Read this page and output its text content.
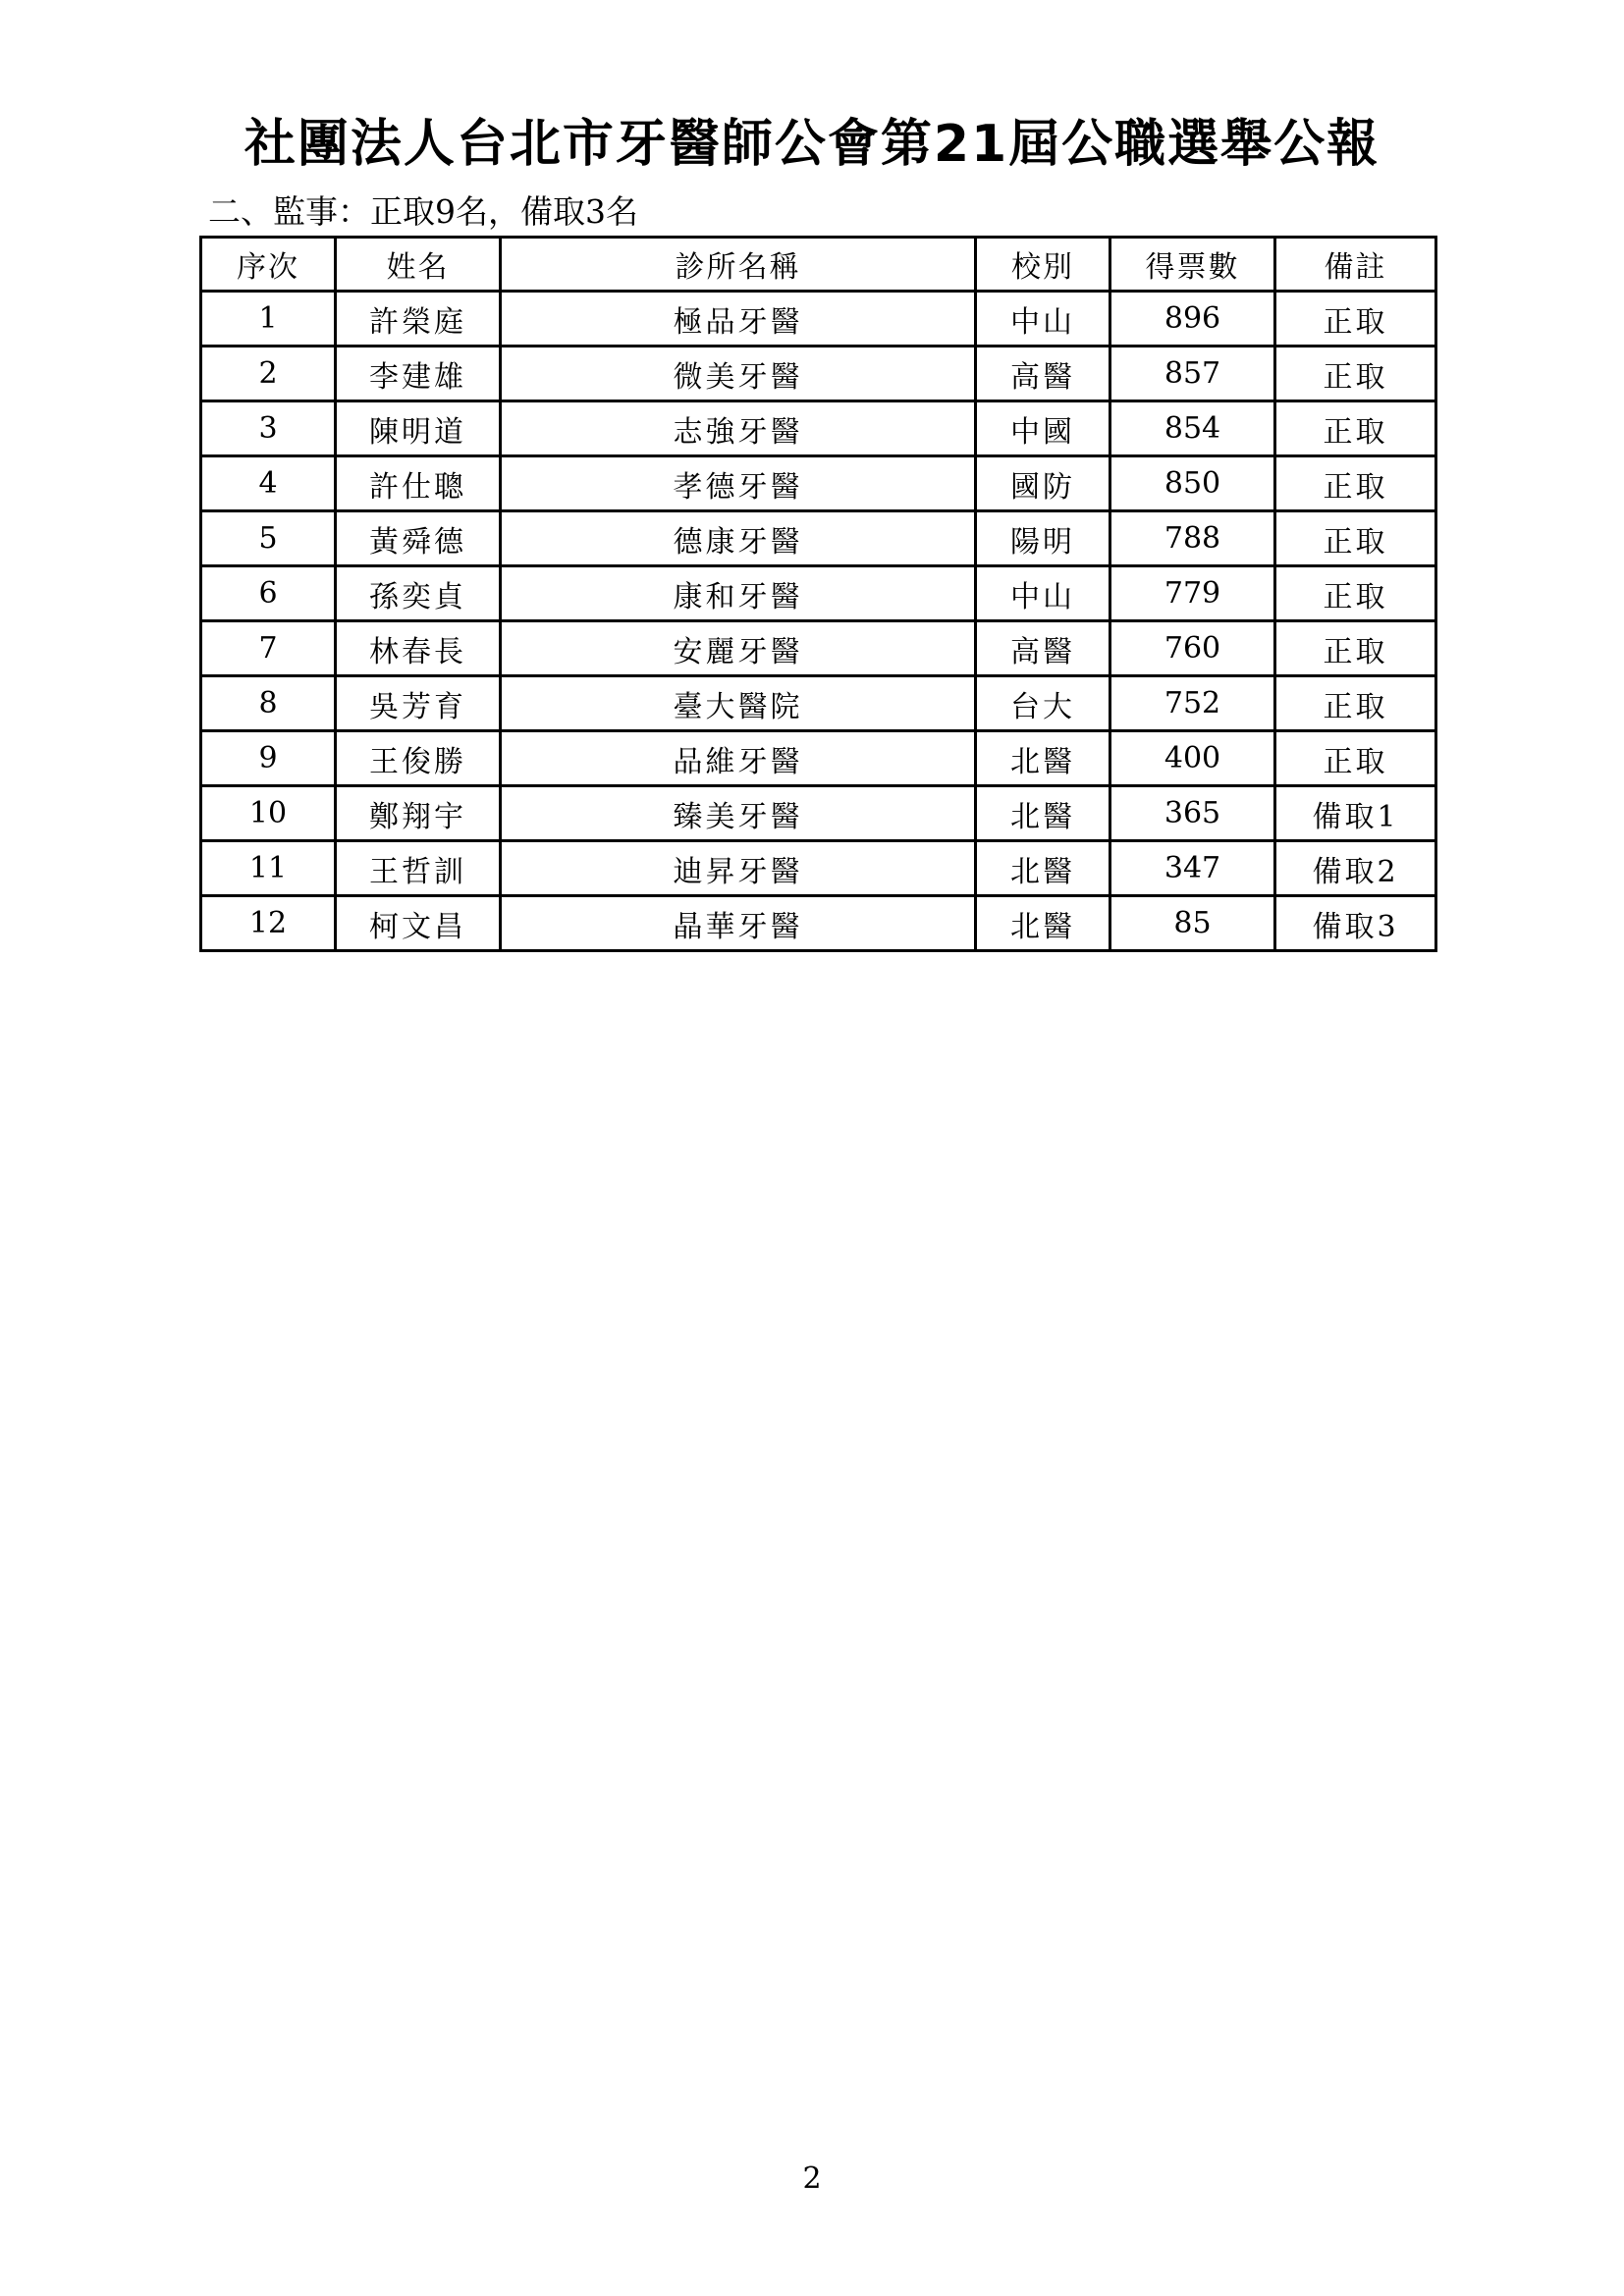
社團法人台北市牙醫師公會第21屆公職選舉公報
二、監事：正取9名，備取3名
序次	姓名	診所名稱	校別	得票數	備註
1	許榮庭	極品牙醫	中山	896	正取
2	李建雄	微美牙醫	高醫	857	正取
3	陳明道	志強牙醫	中國	854	正取
4	許仕聰	孝德牙醫	國防	850	正取
5	黃舜德	德康牙醫	陽明	788	正取
6	孫奕貞	康和牙醫	中山	779	正取
7	林春長	安麗牙醫	高醫	760	正取
8	吳芳育	臺大醫院	台大	752	正取
9	王俊勝	品維牙醫	北醫	400	正取
10	鄭翔宇	臻美牙醫	北醫	365	備取1
11	王哲訓	迪昇牙醫	北醫	347	備取2
12	柯文昌	晶華牙醫	北醫	85	備取3
2
